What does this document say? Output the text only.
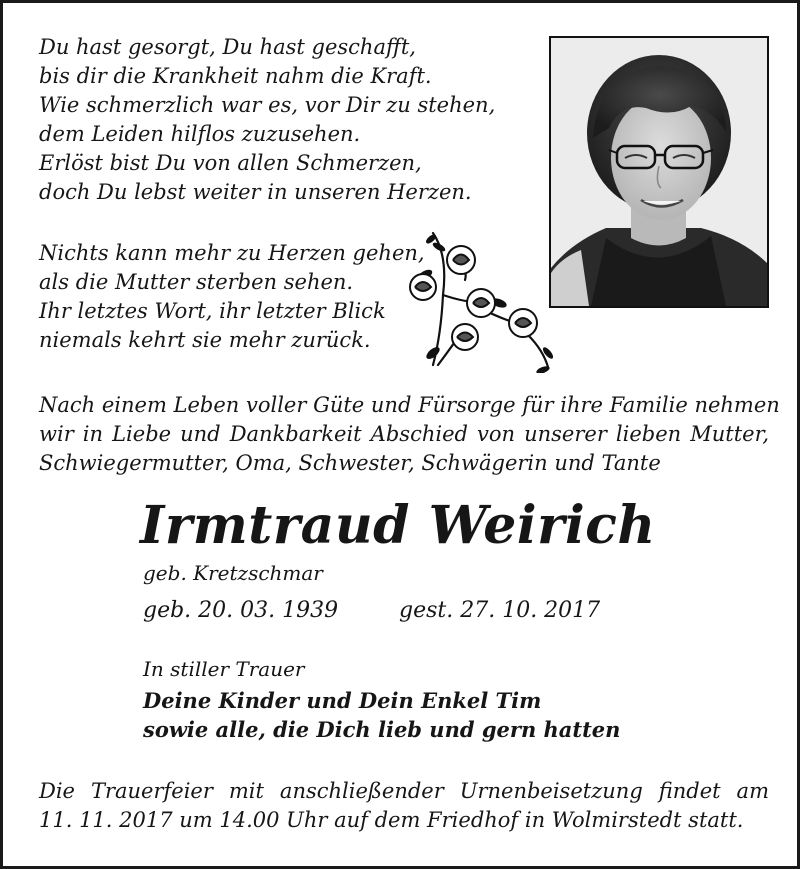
Du hast gesorgt, Du hast geschafft,
bis dir die Krankheit nahm die Kraft.
Wie schmerzlich war es, vor Dir zu stehen,
dem Leiden hilflos zuzusehen.
Erlöst bist Du von allen Schmerzen,
doch Du lebst weiter in unseren Herzen.
Nichts kann mehr zu Herzen gehen,
als die Mutter sterben sehen.
Ihr letztes Wort, ihr letzter Blick
niemals kehrt sie mehr zurück.
Nach einem Leben voller Güte und Fürsorge für ihre Familie nehmen
wir in Liebe und Dankbarkeit Abschied von unserer lieben Mutter,
Schwiegermutter, Oma, Schwester, Schwägerin und Tante
Irmtraud Weirich
geb. Kretzschmar
geb. 20. 03. 1939	gest. 27. 10. 2017
In stiller Trauer
Deine Kinder und Dein Enkel Tim
sowie alle, die Dich lieb und gern hatten
Die Trauerfeier mit anschließender Urnenbeisetzung findet am
11. 11. 2017 um 14.00 Uhr auf dem Friedhof in Wolmirstedt statt.
